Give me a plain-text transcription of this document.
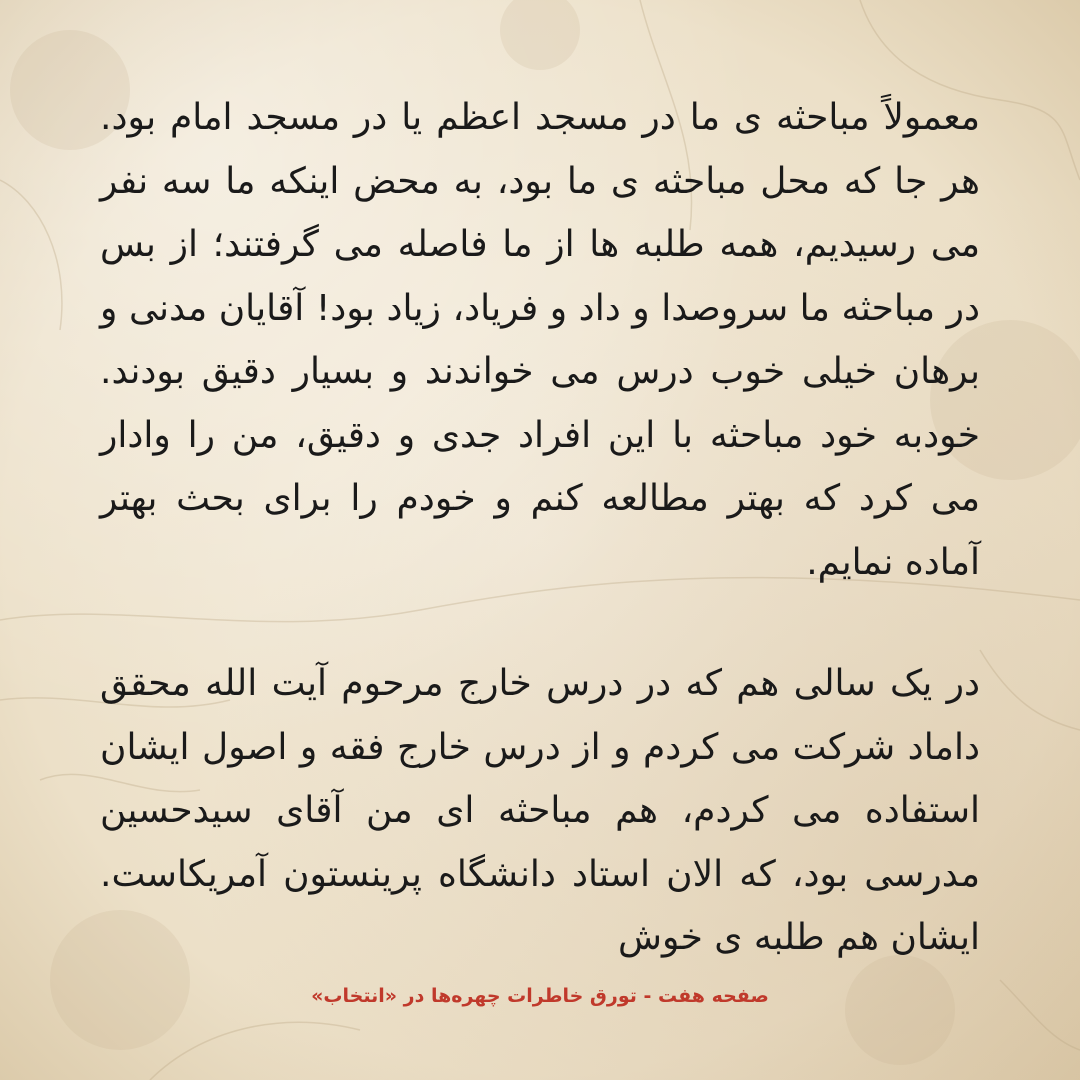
معمولاً مباحثه ی ما در مسجد اعظم یا در مسجد امام بود. هر جا که محل مباحثه ی ما بود، به محض اینکه ما سه نفر می رسیدیم، همه طلبه ها از ما فاصله می گرفتند؛ از بس در مباحثه ما سروصدا و داد و فریاد، زیاد بود! آقایان مدنی و برهان خیلی خوب درس می خواندند و بسیار دقیق بودند. خودبه خود مباحثه با این افراد جدی و دقیق، من را وادار می کرد که بهتر مطالعه کنم و خودم را برای بحث بهتر آماده نمایم.

در یک سالی هم که در درس خارج مرحوم آیت الله محقق داماد شرکت می کردم و از درس خارج فقه و اصول ایشان استفاده می کردم، هم مباحثه ای من آقای سیدحسین مدرسی بود، که الان استاد دانشگاه پرینستون آمریکاست. ایشان هم طلبه ی خوش

صفحه هفت - تورق خاطرات چهره‌ها در «انتخاب»
